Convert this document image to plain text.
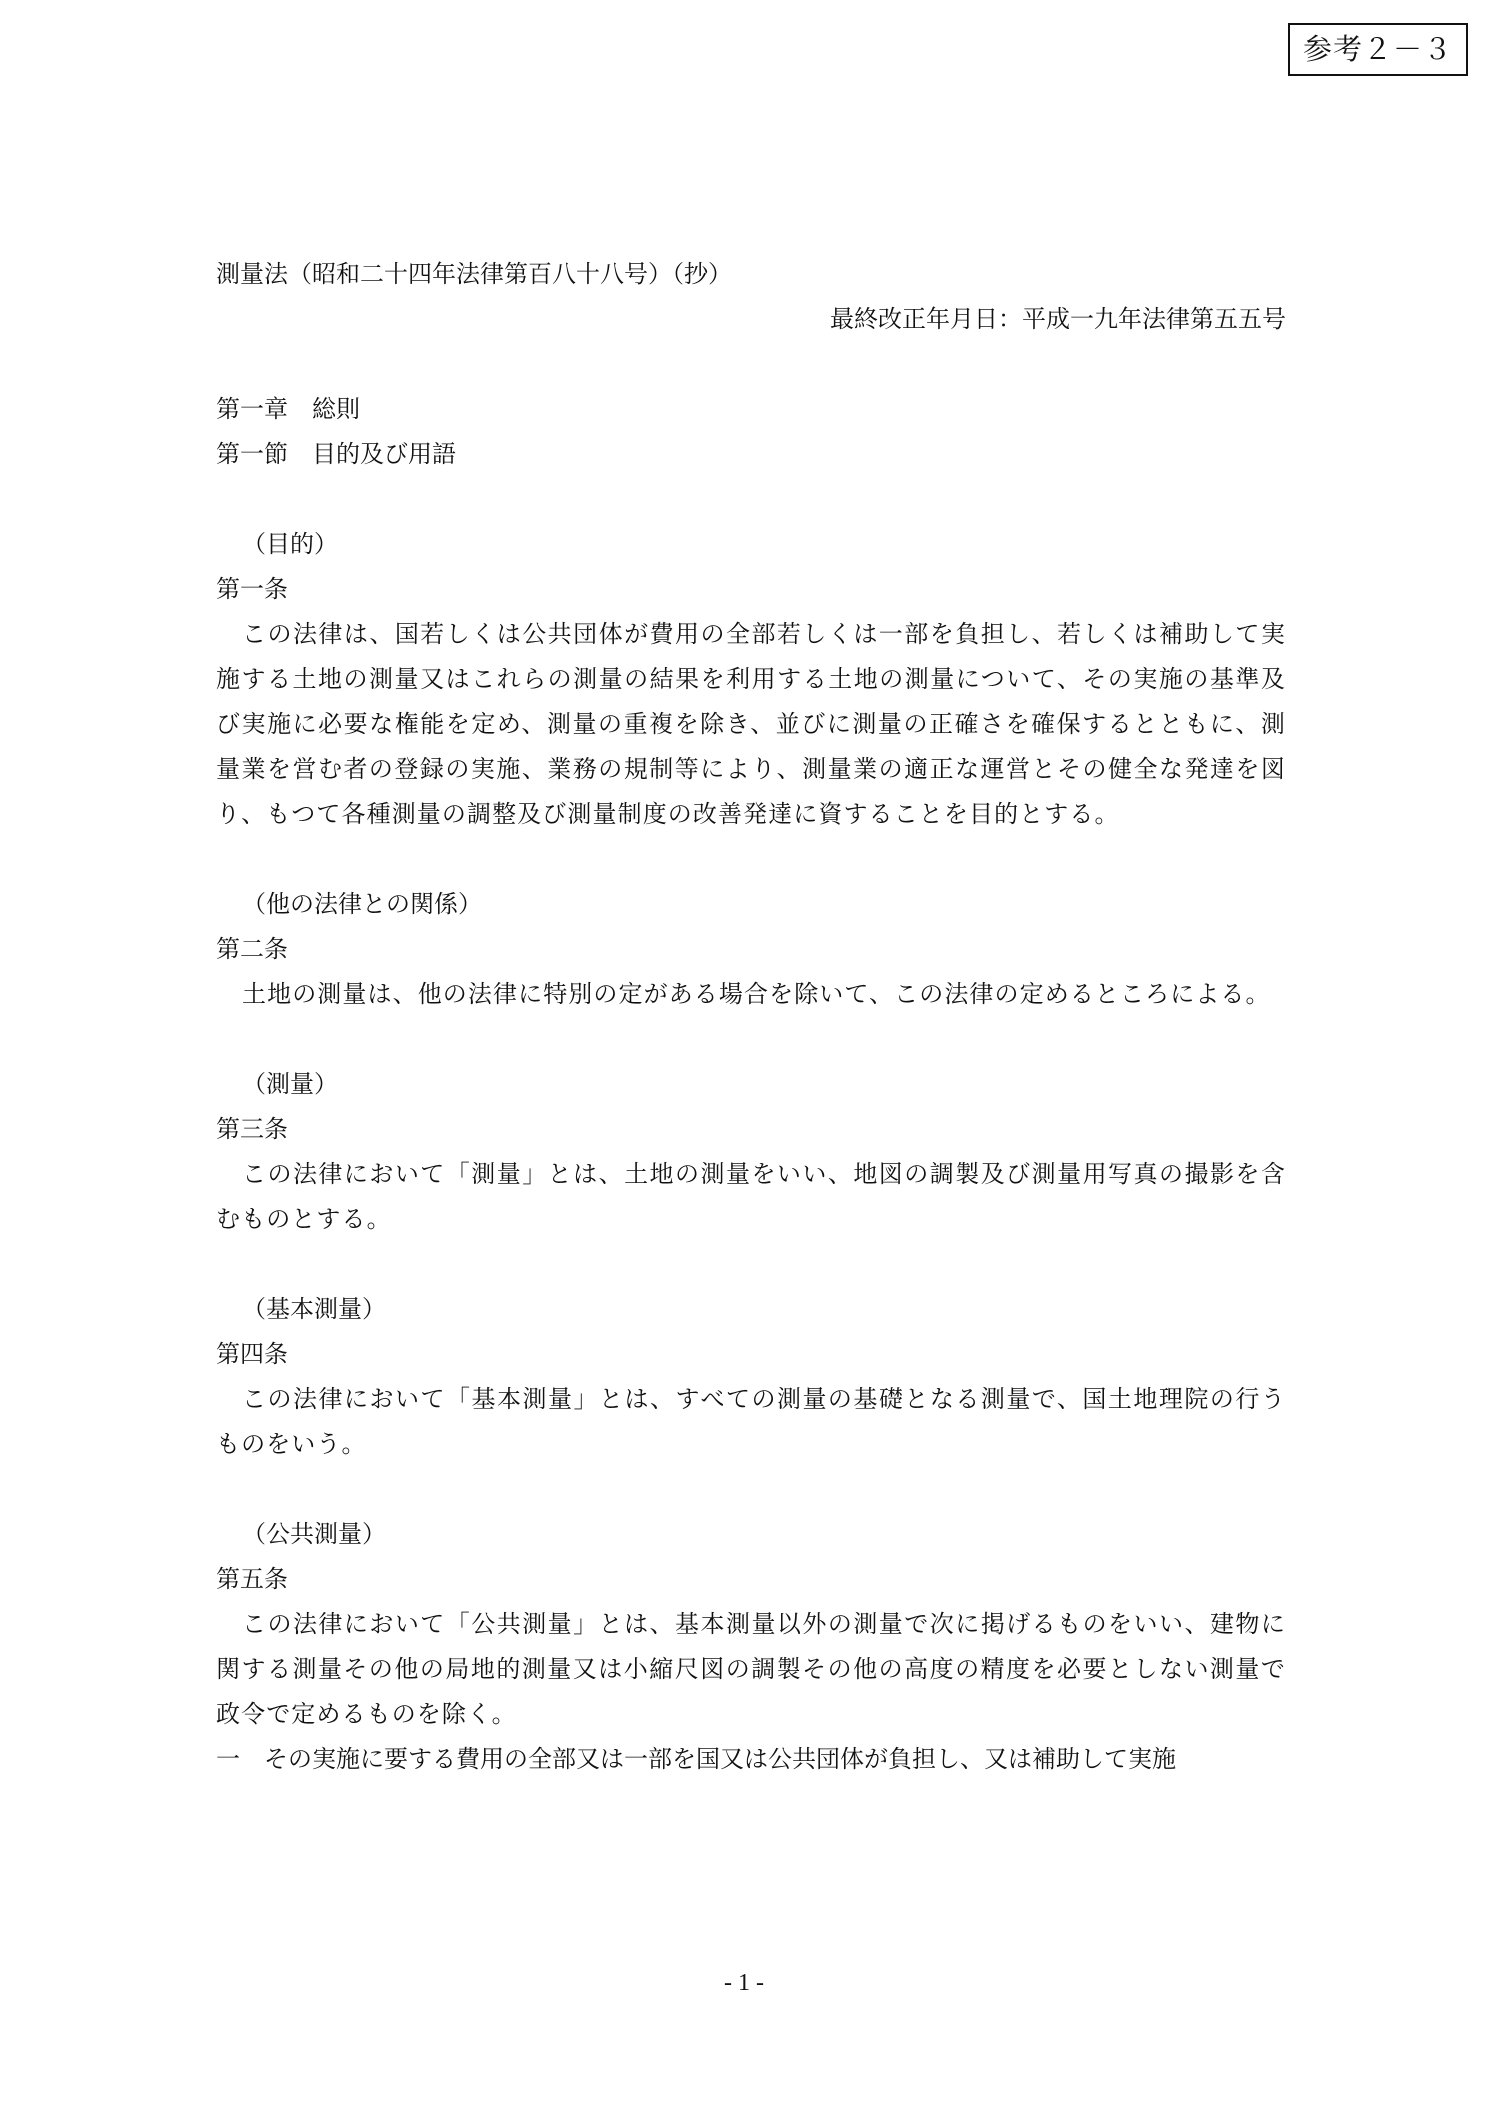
参考２－３
測量法（昭和二十四年法律第百八十八号）（抄）
最終改正年月日：平成一九年法律第五五号
第一章　総則
第一節　目的及び用語
（目的）
第一条

この法律は、国若しくは公共団体が費用の全部若しくは一部を負担し、若しくは補助して実施する土地の測量又はこれらの測量の結果を利用する土地の測量について、その実施の基準及び実施に必要な権能を定め、測量の重複を除き、並びに測量の正確さを確保するとともに、測量業を営む者の登録の実施、業務の規制等により、測量業の適正な運営とその健全な発達を図り、もつて各種測量の調整及び測量制度の改善発達に資することを目的とする。

（他の法律との関係）
第二条

土地の測量は、他の法律に特別の定がある場合を除いて、この法律の定めるところによる。

（測量）
第三条

この法律において「測量」とは、土地の測量をいい、地図の調製及び測量用写真の撮影を含むものとする。

（基本測量）
第四条

この法律において「基本測量」とは、すべての測量の基礎となる測量で、国土地理院の行うものをいう。

（公共測量）
第五条

この法律において「公共測量」とは、基本測量以外の測量で次に掲げるものをいい、建物に関する測量その他の局地的測量又は小縮尺図の調製その他の高度の精度を必要としない測量で政令で定めるものを除く。

一　その実施に要する費用の全部又は一部を国又は公共団体が負担し、又は補助して実施
- 1 -
